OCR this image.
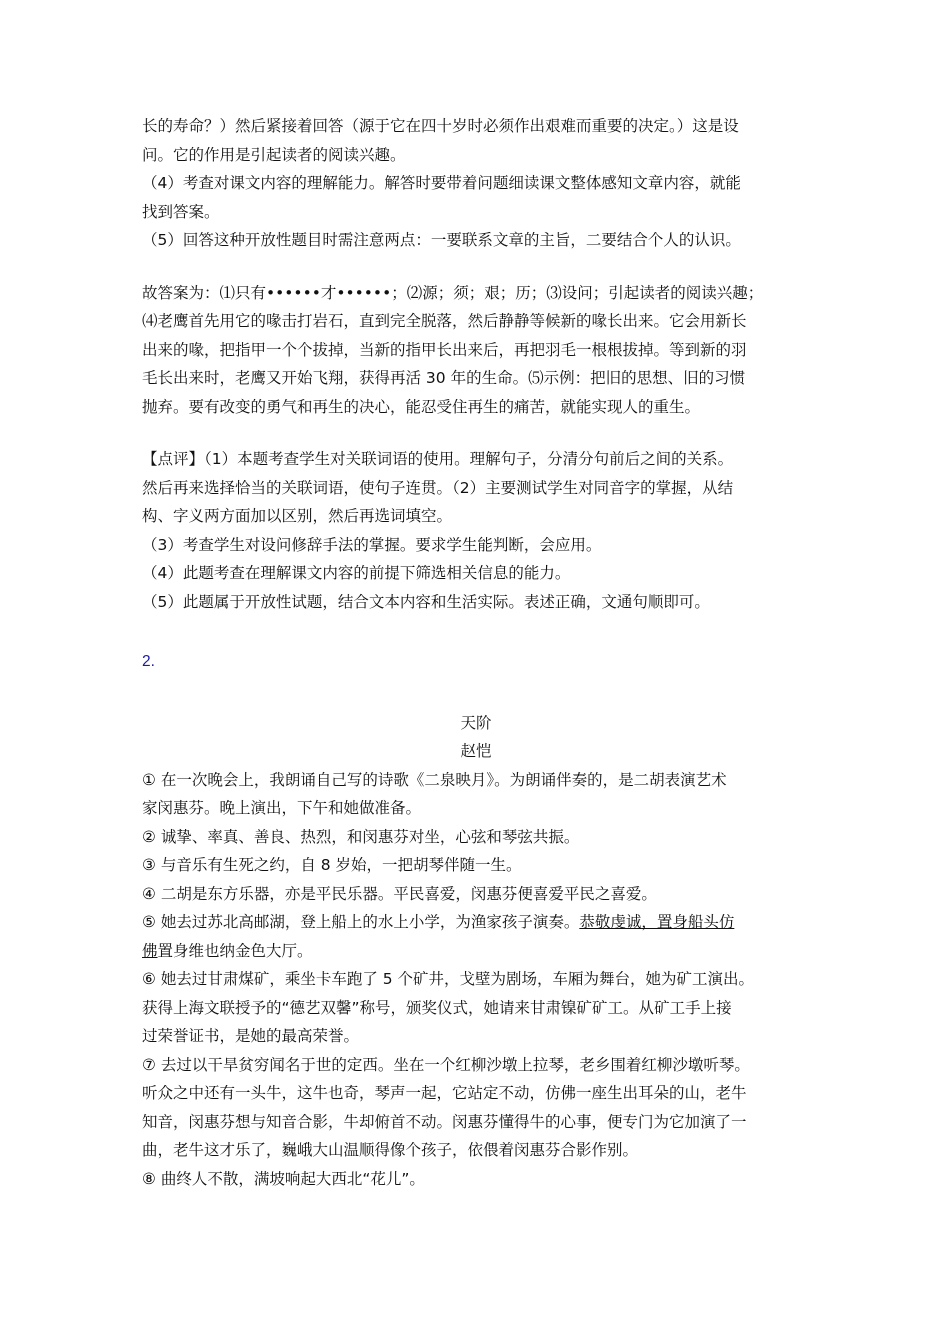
长的寿命？）然后紧接着回答（源于它在四十岁时必须作出艰难而重要的决定。）这是设
问。它的作用是引起读者的阅读兴趣。
（4）考查对课文内容的理解能力。解答时要带着问题细读课文整体感知文章内容，就能
找到答案。
（5）回答这种开放性题目时需注意两点：一要联系文章的主旨，二要结合个人的认识。
故答案为：⑴只有••••••才••••••；⑵源；须；艰；历；⑶设问；引起读者的阅读兴趣；
⑷老鹰首先用它的喙击打岩石，直到完全脱落，然后静静等候新的喙长出来。它会用新长
出来的喙，把指甲一个个拔掉，当新的指甲长出来后，再把羽毛一根根拔掉。等到新的羽
毛长出来时，老鹰又开始飞翔，获得再活 30 年的生命。⑸示例：把旧的思想、旧的习惯
抛弃。要有改变的勇气和再生的决心，能忍受住再生的痛苦，就能实现人的重生。
【点评】（1）本题考查学生对关联词语的使用。理解句子，分清分句前后之间的关系。
然后再来选择恰当的关联词语，使句子连贯。（2）主要测试学生对同音字的掌握，从结
构、字义两方面加以区别，然后再选词填空。
（3）考查学生对设问修辞手法的掌握。要求学生能判断，会应用。
（4）此题考查在理解课文内容的前提下筛选相关信息的能力。
（5）此题属于开放性试题，结合文本内容和生活实际。表述正确，文通句顺即可。
2.
天阶
赵恺
① 在一次晚会上，我朗诵自己写的诗歌《二泉映月》。为朗诵伴奏的，是二胡表演艺术
家闵惠芬。晚上演出，下午和她做准备。
② 诚挚、率真、善良、热烈，和闵惠芬对坐，心弦和琴弦共振。
③ 与音乐有生死之约，自 8 岁始，一把胡琴伴随一生。
④ 二胡是东方乐器，亦是平民乐器。平民喜爱，闵惠芬便喜爱平民之喜爱。
⑤ 她去过苏北高邮湖，登上船上的水上小学，为渔家孩子演奏。恭敬虔诚，置身船头仿
佛置身维也纳金色大厅。
⑥ 她去过甘肃煤矿，乘坐卡车跑了 5 个矿井，戈壁为剧场，车厢为舞台，她为矿工演出。
获得上海文联授予的“德艺双馨”称号，颁奖仪式，她请来甘肃镍矿矿工。从矿工手上接
过荣誉证书，是她的最高荣誉。
⑦ 去过以干旱贫穷闻名于世的定西。坐在一个红柳沙墩上拉琴，老乡围着红柳沙墩听琴。
听众之中还有一头牛，这牛也奇，琴声一起，它站定不动，仿佛一座生出耳朵的山，老牛
知音，闵惠芬想与知音合影，牛却俯首不动。闵惠芬懂得牛的心事，便专门为它加演了一
曲，老牛这才乐了，巍峨大山温顺得像个孩子，依偎着闵惠芬合影作别。
⑧ 曲终人不散，满坡响起大西北“花儿”。
